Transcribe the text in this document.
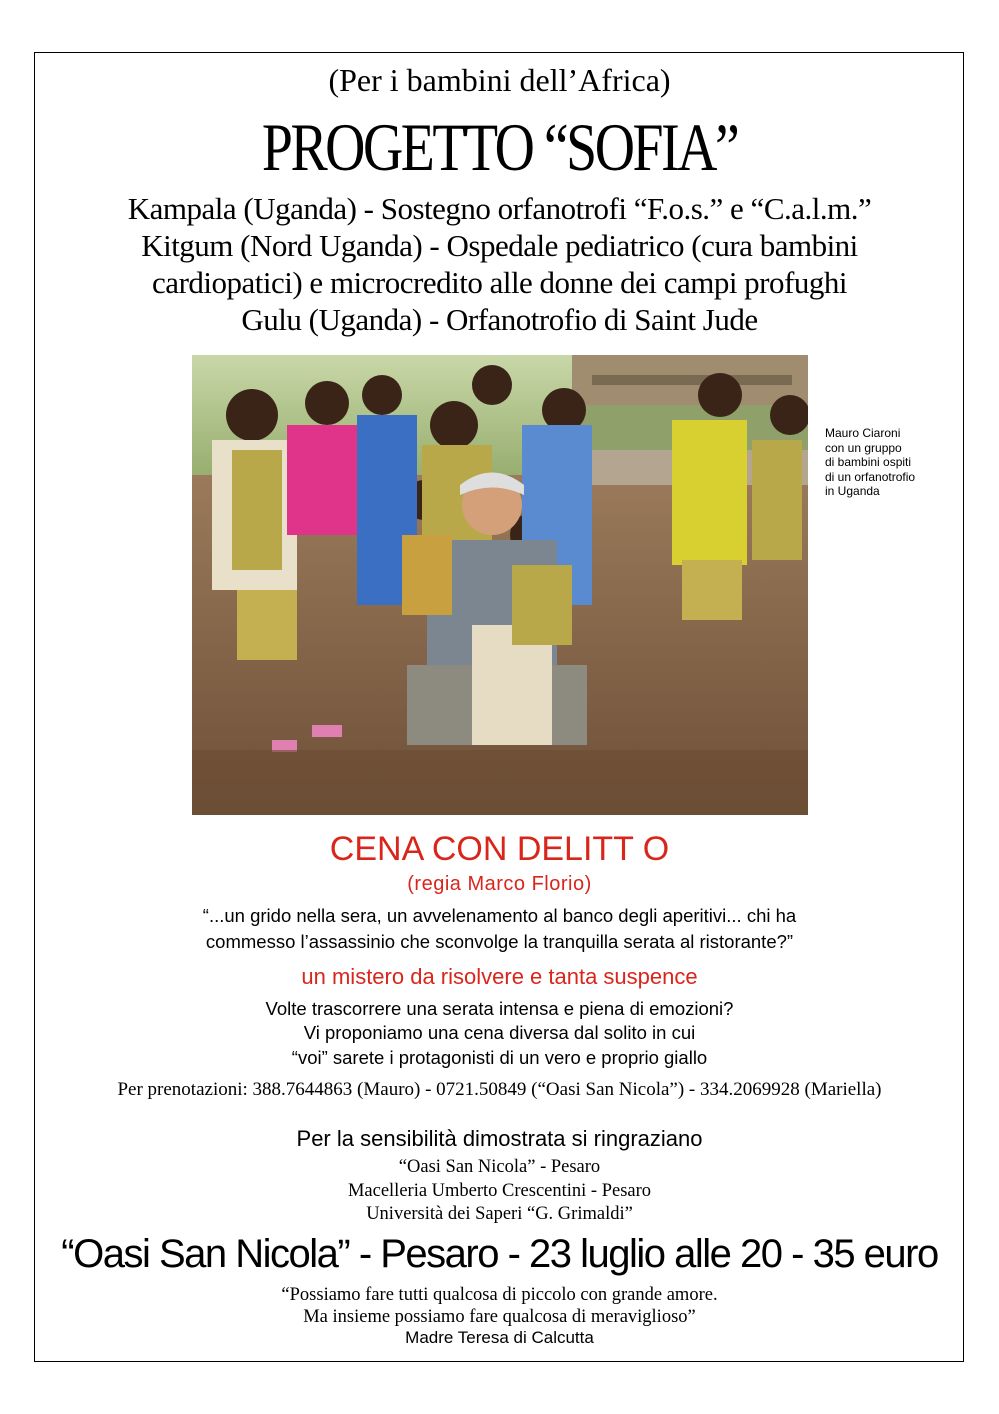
(Per i bambini dell’Africa)
PROGETTO “SOFIA”
Kampala (Uganda) - Sostegno orfanotrofi “F.o.s.” e “C.a.l.m.”
Kitgum (Nord Uganda) - Ospedale pediatrico (cura bambini
cardiopatici) e microcredito alle donne dei campi profughi
Gulu (Uganda) - Orfanotrofio di Saint Jude
Mauro Ciaroni
con un gruppo
di bambini ospiti
di un orfanotrofio
in Uganda
CENA CON DELITT O
(regia Marco Florio)
“...un grido nella sera, un avvelenamento al banco degli aperitivi... chi ha
commesso l’assassinio che sconvolge la tranquilla serata al ristorante?”
un mistero da risolvere e tanta suspence
Volte trascorrere una serata intensa e piena di emozioni?
Vi proponiamo una cena diversa dal solito in cui
“voi” sarete i protagonisti di un vero e proprio giallo
Per prenotazioni: 388.7644863 (Mauro) - 0721.50849 (“Oasi San Nicola”) - 334.2069928 (Mariella)
Per la sensibilità dimostrata si ringraziano
“Oasi San Nicola” - Pesaro
Macelleria Umberto Crescentini - Pesaro
Università dei Saperi “G. Grimaldi”
“Oasi San Nicola” - Pesaro - 23 luglio alle 20 - 35 euro
“Possiamo fare tutti qualcosa di piccolo con grande amore.
Ma insieme possiamo fare qualcosa di meraviglioso”
Madre Teresa di Calcutta
